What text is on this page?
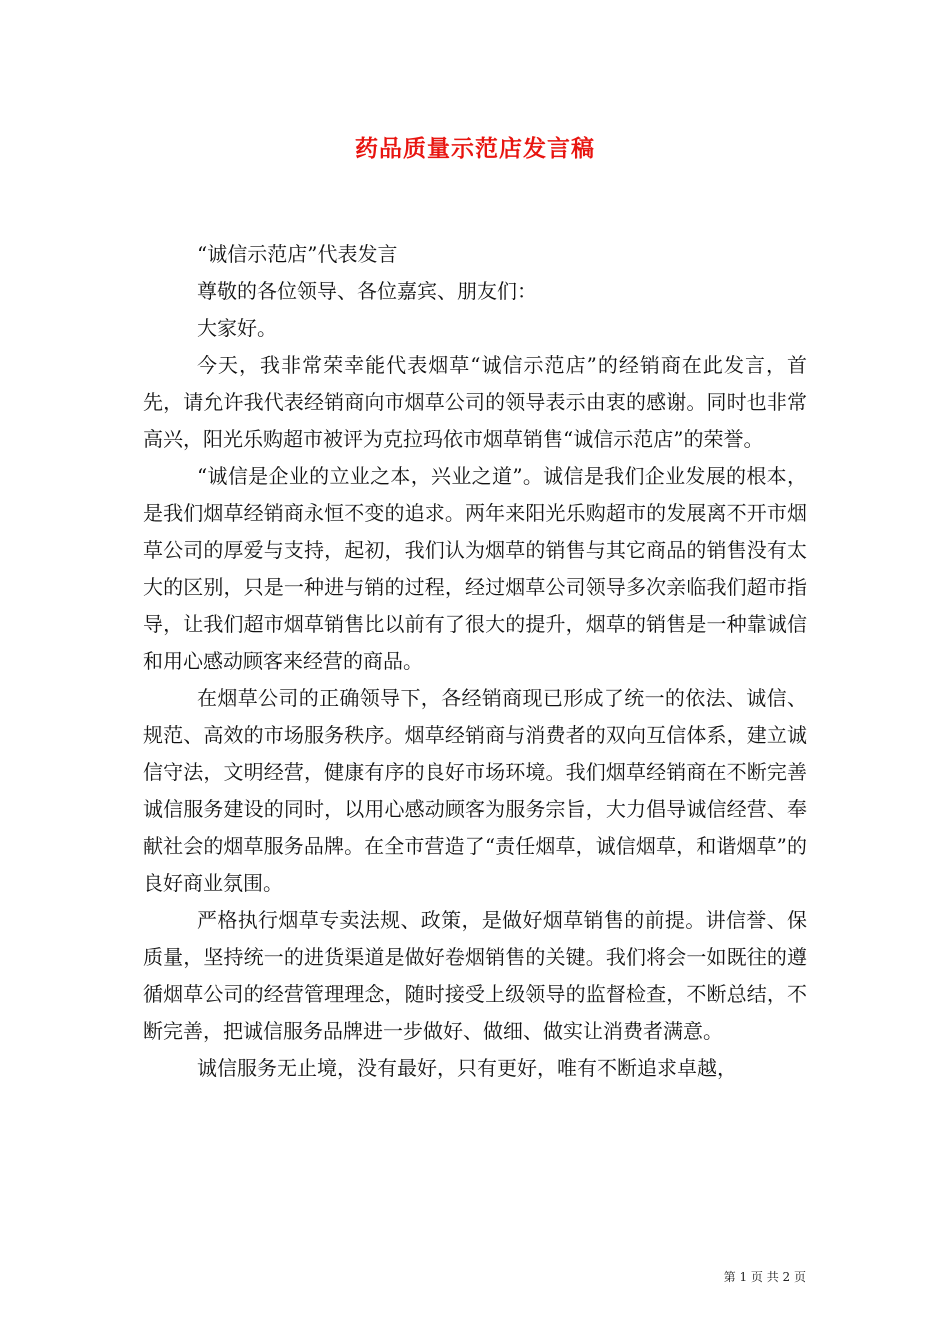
药品质量示范店发言稿

“诚信示范店”代表发言

尊敬的各位领导、各位嘉宾、朋友们：

大家好。

今天，我非常荣幸能代表烟草“诚信示范店”的经销商在此发言，首先，请允许我代表经销商向市烟草公司的领导表示由衷的感谢。同时也非常高兴，阳光乐购超市被评为克拉玛依市烟草销售“诚信示范店”的荣誉。

“诚信是企业的立业之本，兴业之道”。诚信是我们企业发展的根本，是我们烟草经销商永恒不变的追求。两年来阳光乐购超市的发展离不开市烟草公司的厚爱与支持，起初，我们认为烟草的销售与其它商品的销售没有太大的区别，只是一种进与销的过程，经过烟草公司领导多次亲临我们超市指导，让我们超市烟草销售比以前有了很大的提升，烟草的销售是一种靠诚信和用心感动顾客来经营的商品。

在烟草公司的正确领导下，各经销商现已形成了统一的依法、诚信、规范、高效的市场服务秩序。烟草经销商与消费者的双向互信体系，建立诚信守法，文明经营，健康有序的良好市场环境。我们烟草经销商在不断完善诚信服务建设的同时，以用心感动顾客为服务宗旨，大力倡导诚信经营、奉献社会的烟草服务品牌。在全市营造了“责任烟草，诚信烟草，和谐烟草”的良好商业氛围。

严格执行烟草专卖法规、政策，是做好烟草销售的前提。讲信誉、保质量，坚持统一的进货渠道是做好卷烟销售的关键。我们将会一如既往的遵循烟草公司的经营管理理念，随时接受上级领导的监督检查，不断总结，不断完善，把诚信服务品牌进一步做好、做细、做实让消费者满意。

诚信服务无止境，没有最好，只有更好，唯有不断追求卓越，

第 1 页 共 2 页
